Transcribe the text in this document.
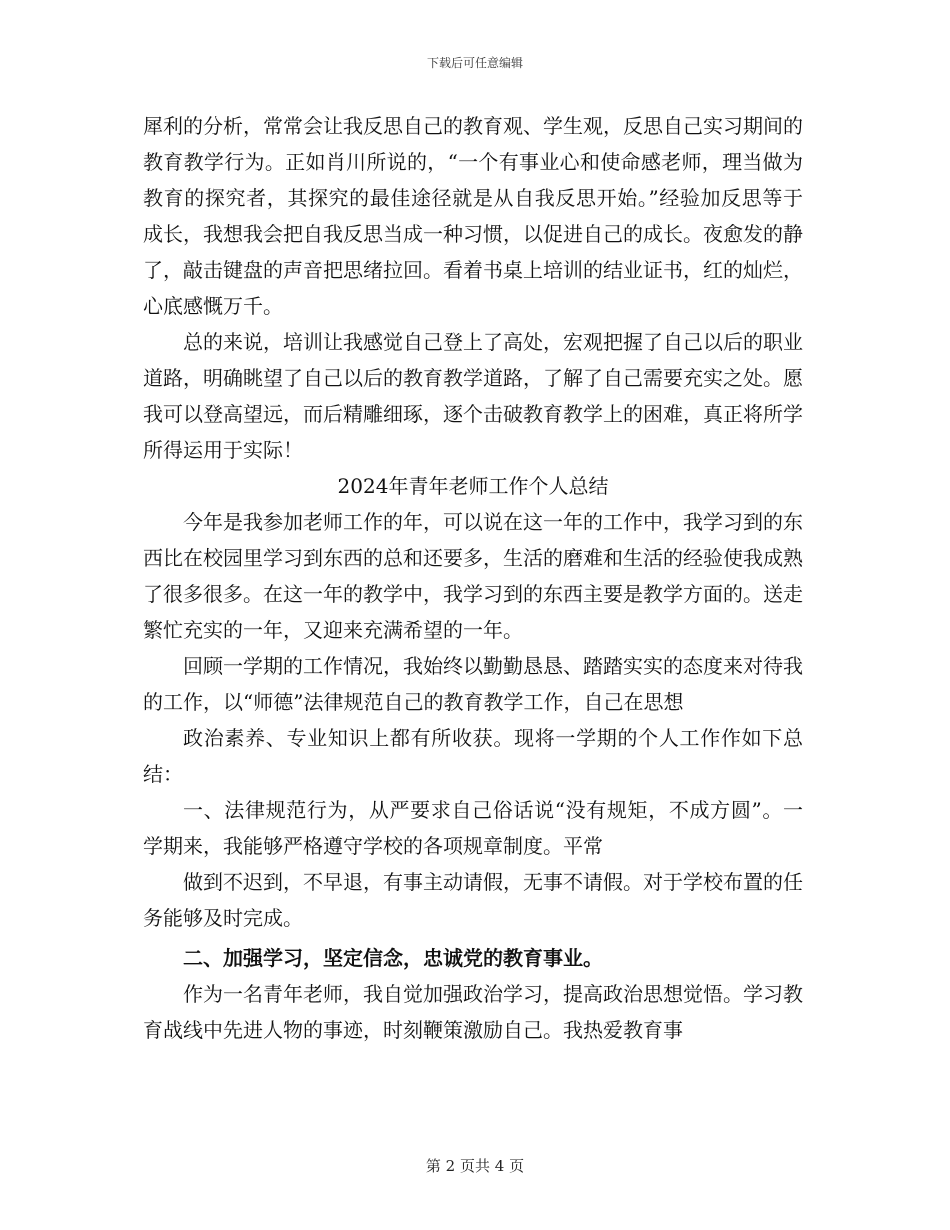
下载后可任意编辑

犀利的分析，常常会让我反思自己的教育观、学生观，反思自己实习期间的教育教学行为。正如肖川所说的，“一个有事业心和使命感老师，理当做为教育的探究者，其探究的最佳途径就是从自我反思开始。”经验加反思等于成长，我想我会把自我反思当成一种习惯，以促进自己的成长。夜愈发的静了，敲击键盘的声音把思绪拉回。看着书桌上培训的结业证书，红的灿烂，心底感慨万千。

总的来说，培训让我感觉自己登上了高处，宏观把握了自己以后的职业道路，明确眺望了自己以后的教育教学道路，了解了自己需要充实之处。愿我可以登高望远，而后精雕细琢，逐个击破教育教学上的困难，真正将所学所得运用于实际！

2024年青年老师工作个人总结

今年是我参加老师工作的年，可以说在这一年的工作中，我学习到的东西比在校园里学习到东西的总和还要多，生活的磨难和生活的经验使我成熟了很多很多。在这一年的教学中，我学习到的东西主要是教学方面的。送走繁忙充实的一年，又迎来充满希望的一年。

回顾一学期的工作情况，我始终以勤勤恳恳、踏踏实实的态度来对待我的工作，以“师德”法律规范自己的教育教学工作，自己在思想

政治素养、专业知识上都有所收获。现将一学期的个人工作作如下总结：

一、法律规范行为，从严要求自己俗话说“没有规矩，不成方圆”。一学期来，我能够严格遵守学校的各项规章制度。平常

做到不迟到，不早退，有事主动请假，无事不请假。对于学校布置的任务能够及时完成。

二、加强学习，坚定信念，忠诚党的教育事业。

作为一名青年老师，我自觉加强政治学习，提高政治思想觉悟。学习教育战线中先进人物的事迹，时刻鞭策激励自己。我热爱教育事

第 2 页共 4 页
